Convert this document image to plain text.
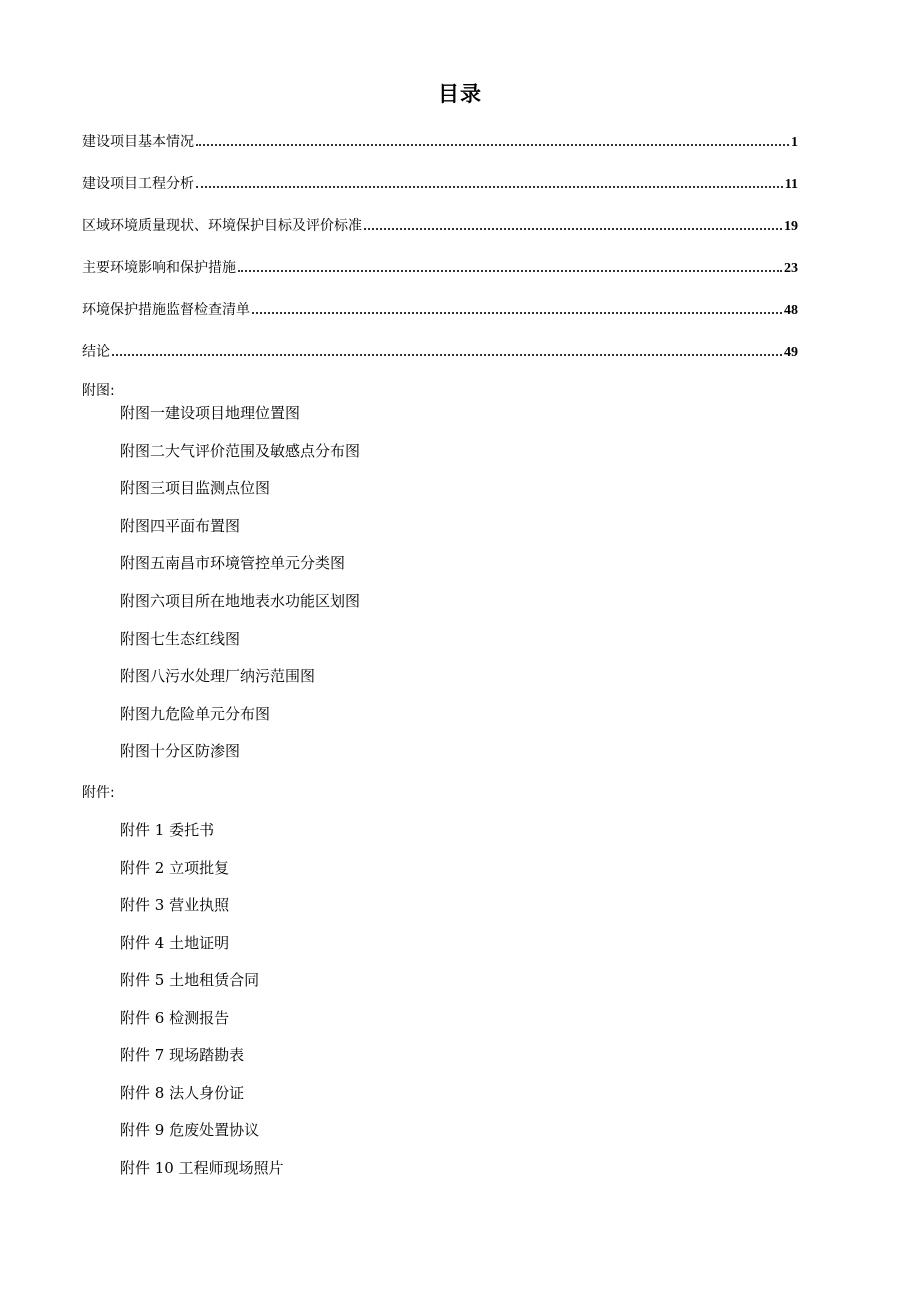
目录
建设项目基本情况	1
建设项目工程分析	11
区域环境质量现状、环境保护目标及评价标准	19
主要环境影响和保护措施	23
环境保护措施监督检查清单	48
结论	49
附图:
附图一建设项目地理位置图
附图二大气评价范围及敏感点分布图
附图三项目监测点位图
附图四平面布置图
附图五南昌市环境管控单元分类图
附图六项目所在地地表水功能区划图
附图七生态红线图
附图八污水处理厂纳污范围图
附图九危险单元分布图
附图十分区防渗图
附件:
附件 1 委托书
附件 2 立项批复
附件 3 营业执照
附件 4 土地证明
附件 5 土地租赁合同
附件 6 检测报告
附件 7 现场踏勘表
附件 8 法人身份证
附件 9 危废处置协议
附件 10 工程师现场照片
